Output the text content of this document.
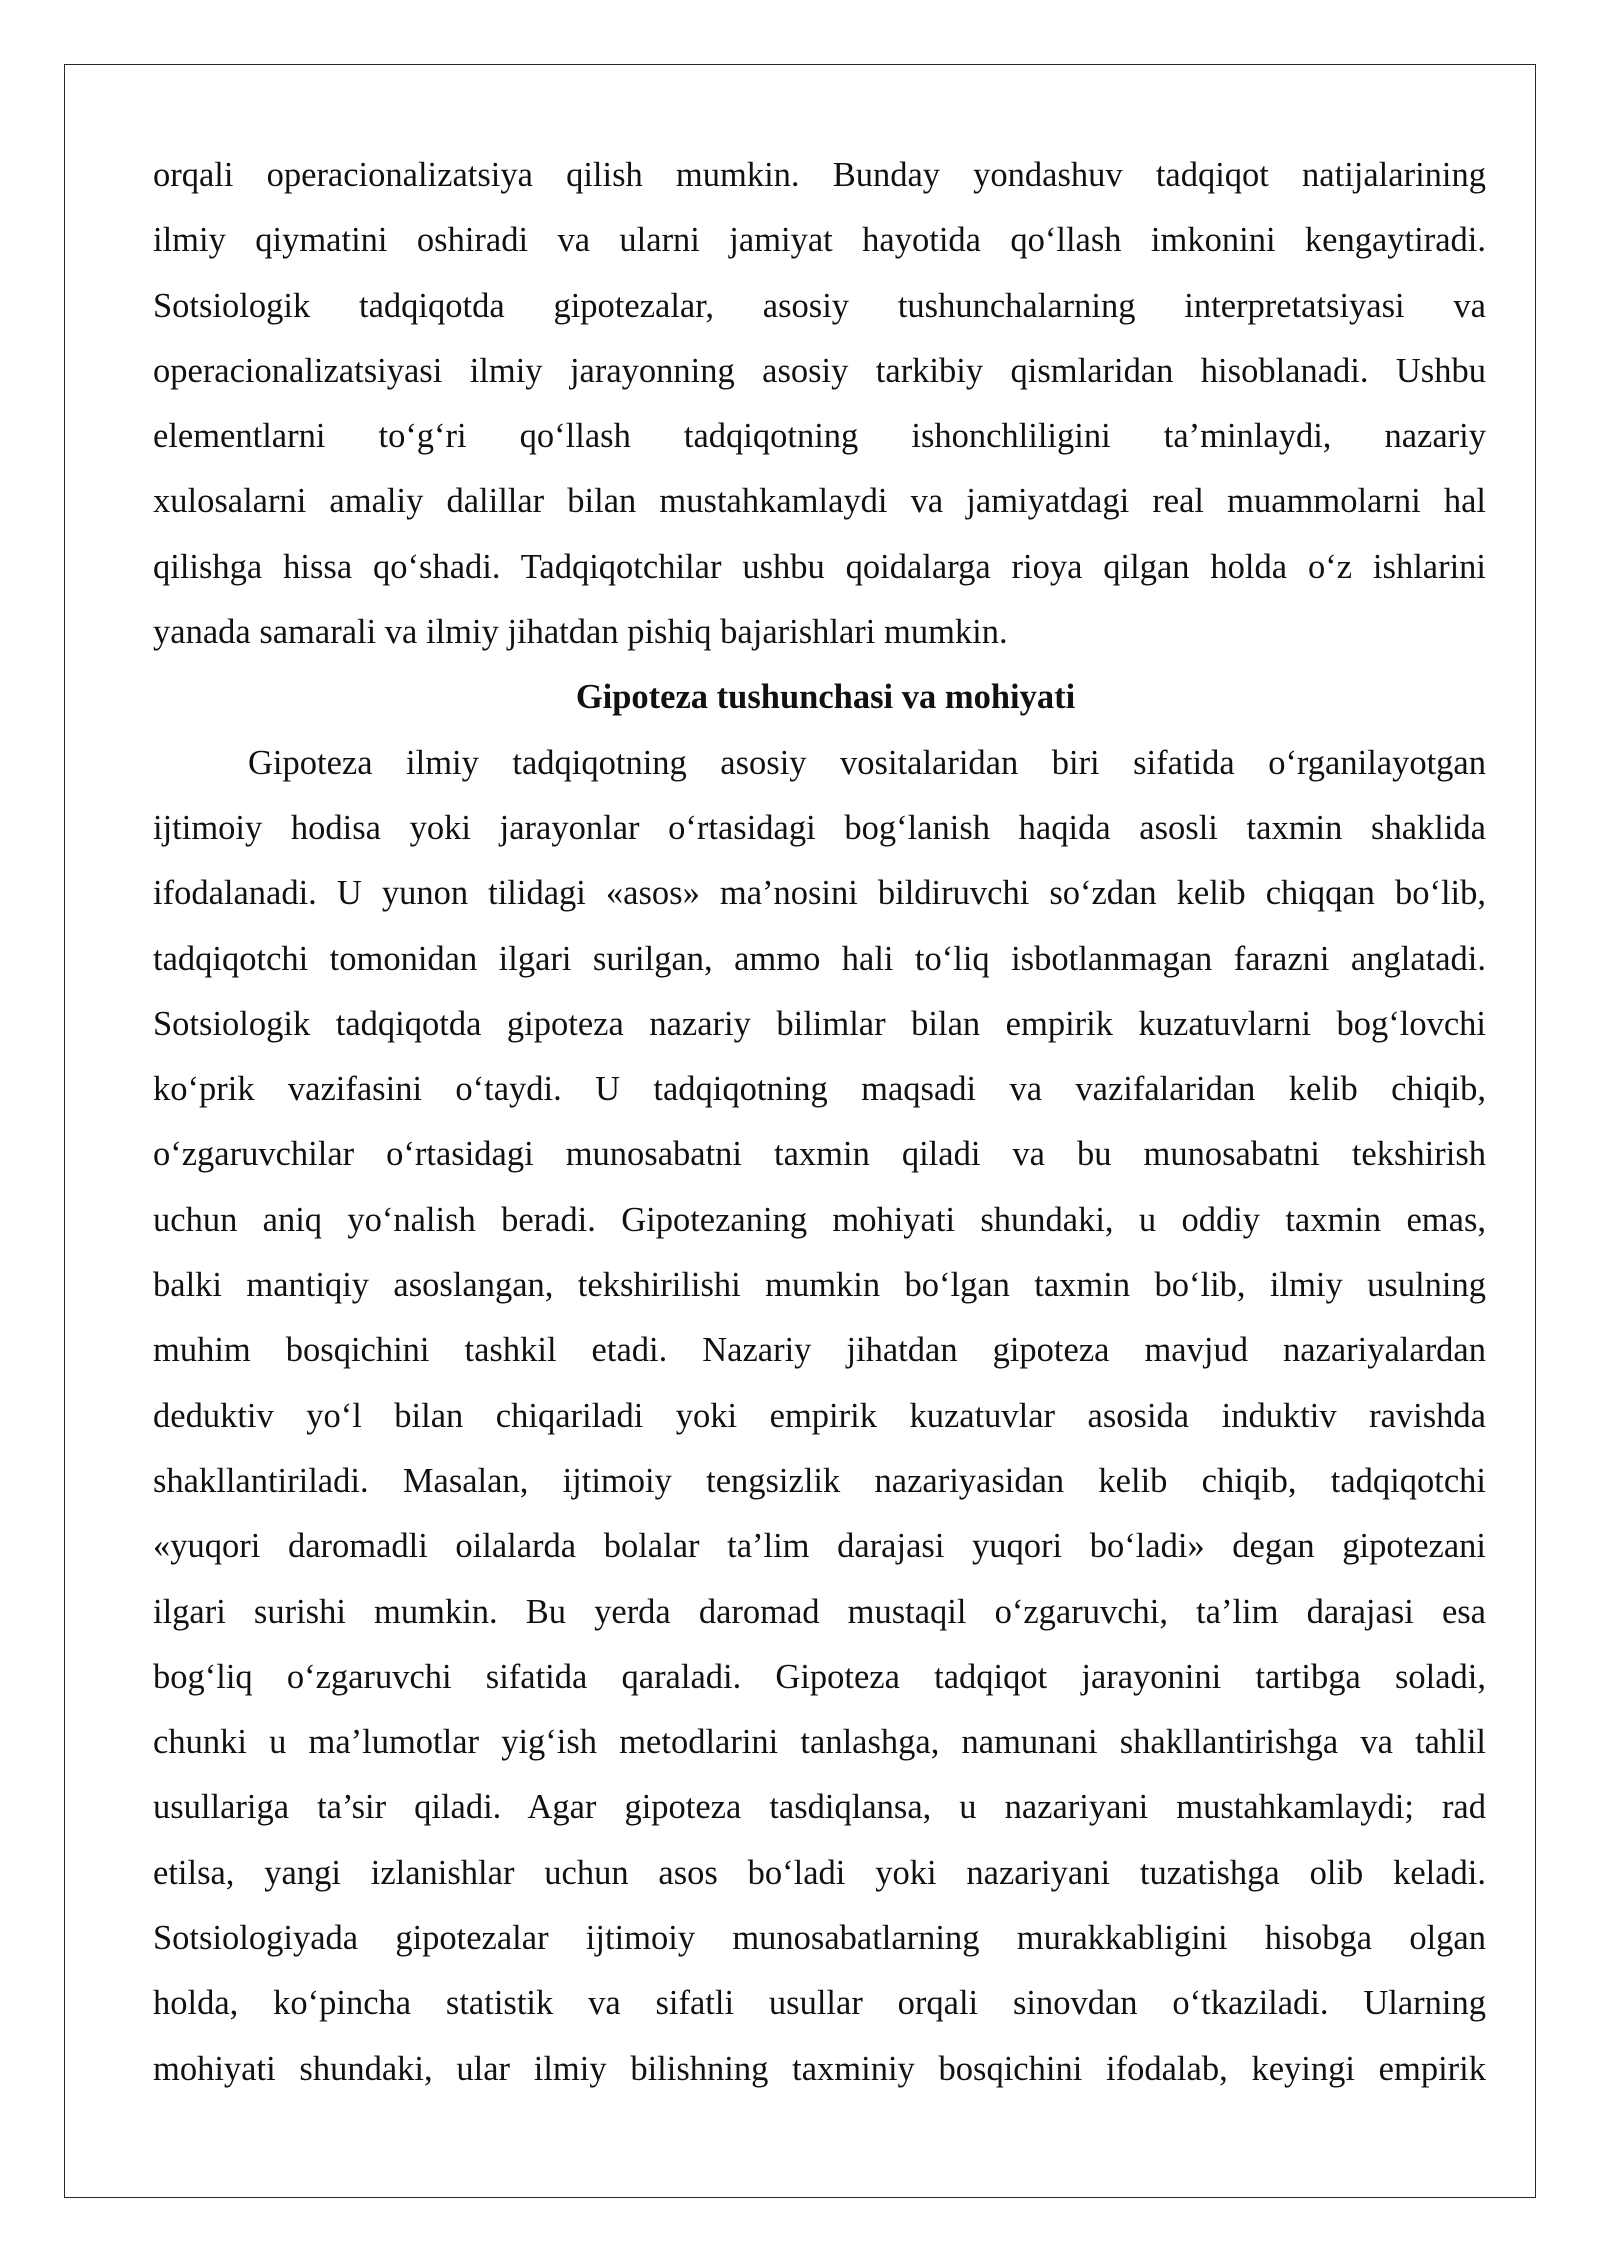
orqali operacionalizatsiya qilish mumkin. Bunday yondashuv tadqiqot natijalarining
ilmiy qiymatini oshiradi va ularni jamiyat hayotida qo‘llash imkonini kengaytiradi.
Sotsiologik tadqiqotda gipotezalar, asosiy tushunchalarning interpretatsiyasi va
operacionalizatsiyasi ilmiy jarayonning asosiy tarkibiy qismlaridan hisoblanadi. Ushbu
elementlarni to‘g‘ri qo‘llash tadqiqotning ishonchliligini ta’minlaydi, nazariy
xulosalarni amaliy dalillar bilan mustahkamlaydi va jamiyatdagi real muammolarni hal
qilishga hissa qo‘shadi. Tadqiqotchilar ushbu qoidalarga rioya qilgan holda o‘z ishlarini
yanada samarali va ilmiy jihatdan pishiq bajarishlari mumkin.
Gipoteza tushunchasi va mohiyati
Gipoteza ilmiy tadqiqotning asosiy vositalaridan biri sifatida o‘rganilayotgan
ijtimoiy hodisa yoki jarayonlar o‘rtasidagi bog‘lanish haqida asosli taxmin shaklida
ifodalanadi. U yunon tilidagi «asos» ma’nosini bildiruvchi so‘zdan kelib chiqqan bo‘lib,
tadqiqotchi tomonidan ilgari surilgan, ammo hali to‘liq isbotlanmagan farazni anglatadi.
Sotsiologik tadqiqotda gipoteza nazariy bilimlar bilan empirik kuzatuvlarni bog‘lovchi
ko‘prik vazifasini o‘taydi. U tadqiqotning maqsadi va vazifalaridan kelib chiqib,
o‘zgaruvchilar o‘rtasidagi munosabatni taxmin qiladi va bu munosabatni tekshirish
uchun aniq yo‘nalish beradi. Gipotezaning mohiyati shundaki, u oddiy taxmin emas,
balki mantiqiy asoslangan, tekshirilishi mumkin bo‘lgan taxmin bo‘lib, ilmiy usulning
muhim bosqichini tashkil etadi. Nazariy jihatdan gipoteza mavjud nazariyalardan
deduktiv yo‘l bilan chiqariladi yoki empirik kuzatuvlar asosida induktiv ravishda
shakllantiriladi. Masalan, ijtimoiy tengsizlik nazariyasidan kelib chiqib, tadqiqotchi
«yuqori daromadli oilalarda bolalar ta’lim darajasi yuqori bo‘ladi» degan gipotezani
ilgari surishi mumkin. Bu yerda daromad mustaqil o‘zgaruvchi, ta’lim darajasi esa
bog‘liq o‘zgaruvchi sifatida qaraladi. Gipoteza tadqiqot jarayonini tartibga soladi,
chunki u ma’lumotlar yig‘ish metodlarini tanlashga, namunani shakllantirishga va tahlil
usullariga ta’sir qiladi. Agar gipoteza tasdiqlansa, u nazariyani mustahkamlaydi; rad
etilsa, yangi izlanishlar uchun asos bo‘ladi yoki nazariyani tuzatishga olib keladi.
Sotsiologiyada gipotezalar ijtimoiy munosabatlarning murakkabligini hisobga olgan
holda, ko‘pincha statistik va sifatli usullar orqali sinovdan o‘tkaziladi. Ularning
mohiyati shundaki, ular ilmiy bilishning taxminiy bosqichini ifodalab, keyingi empirik
